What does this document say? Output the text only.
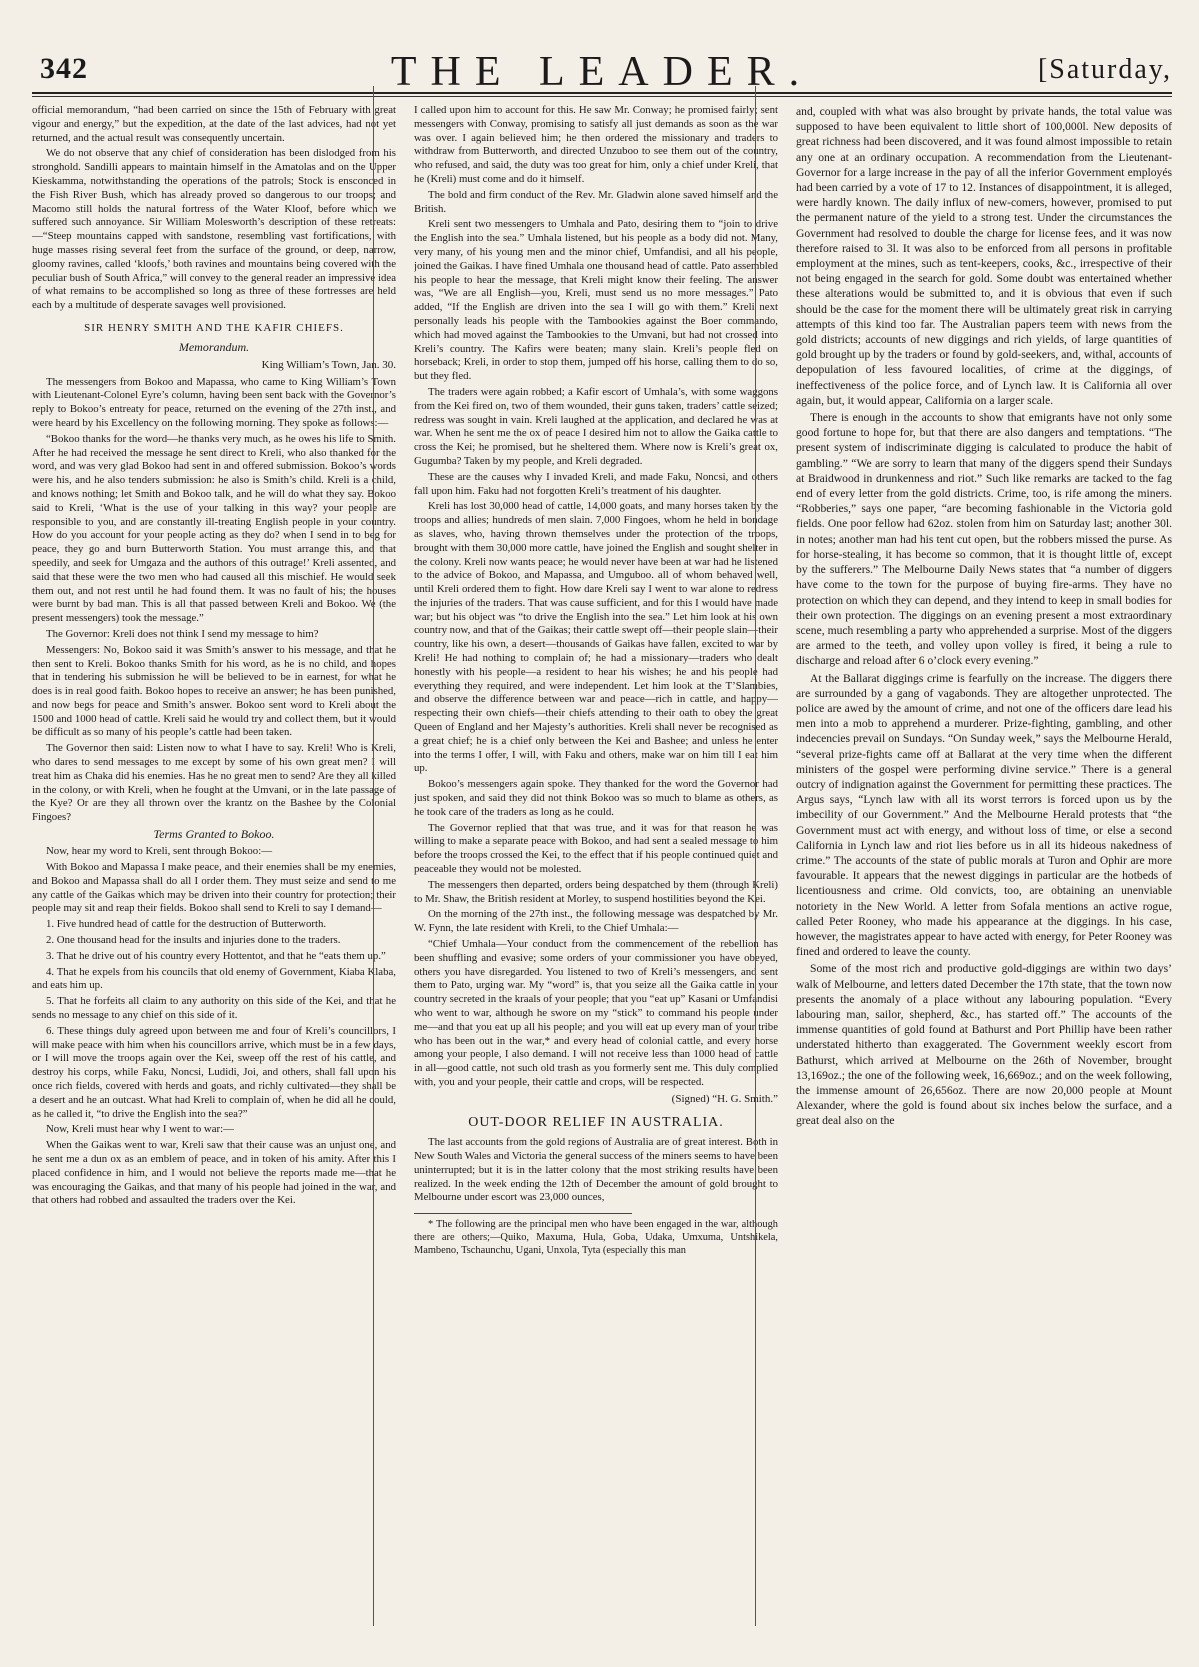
342	THE LEADER.	[Saturday,

official memorandum, “had been carried on since the 15th of February with great vigour and energy,” but the expedition, at the date of the last advices, had not yet returned, and the actual result was consequently uncertain.

We do not observe that any chief of consideration has been dislodged from his stronghold. Sandilli appears to maintain himself in the Amatolas and on the Upper Kieskamma, notwithstanding the operations of the patrols; Stock is ensconced in the Fish River Bush, which has already proved so dangerous to our troops; and Macomo still holds the natural fortress of the Water Kloof, before which we suffered such annoyance. Sir William Molesworth’s description of these retreats:—“Steep mountains capped with sandstone, resembling vast fortifications, with huge masses rising several feet from the surface of the ground, or deep, narrow, gloomy ravines, called ‘kloofs,’ both ravines and mountains being covered with the peculiar bush of South Africa,” will convey to the general reader an impressive idea of what remains to be accomplished so long as three of these fortresses are held each by a multitude of desperate savages well provisioned.

SIR HENRY SMITH AND THE KAFIR CHIEFS.
Memorandum.
King William’s Town, Jan. 30.

The messengers from Bokoo and Mapassa, who came to King William’s Town with Lieutenant-Colonel Eyre’s column, having been sent back with the Governor’s reply to Bokoo’s entreaty for peace, returned on the evening of the 27th inst., and were heard by his Excellency on the following morning. They spoke as follows:—

“Bokoo thanks for the word—he thanks very much, as he owes his life to Smith. After he had received the message he sent direct to Kreli, who also thanked for the word, and was very glad Bokoo had sent in and offered submission. Bokoo’s words were his, and he also tenders submission: he also is Smith’s child. Kreli is a child, and knows nothing; let Smith and Bokoo talk, and he will do what they say. Bokoo said to Kreli, ‘What is the use of your talking in this way? your people are responsible to you, and are constantly ill-treating English people in your country. How do you account for your people acting as they do? when I send in to beg for peace, they go and burn Butterworth Station. You must arrange this, and that speedily, and seek for Umgaza and the authors of this outrage!’ Kreli assented, and said that these were the two men who had caused all this mischief. He would seek them out, and not rest until he had found them. It was no fault of his; the houses were burnt by bad man. This is all that passed between Kreli and Bokoo. We (the present messengers) took the message.”

The Governor: Kreli does not think I send my message to him?

Messengers: No, Bokoo said it was Smith’s answer to his message, and that he then sent to Kreli. Bokoo thanks Smith for his word, as he is no child, and hopes that in tendering his submission he will be believed to be in earnest, for what he does is in real good faith. Bokoo hopes to receive an answer; he has been punished, and now begs for peace and Smith’s answer. Bokoo sent word to Kreli about the 1500 and 1000 head of cattle. Kreli said he would try and collect them, but it would be difficult as so many of his people’s cattle had been taken.

The Governor then said: Listen now to what I have to say. Kreli! Who is Kreli, who dares to send messages to me except by some of his own great men? I will treat him as Chaka did his enemies. Has he no great men to send? Are they all killed in the colony, or with Kreli, when he fought at the Umvani, or in the late passage of the Kye? Or are they all thrown over the krantz on the Bashee by the Colonial Fingoes?

Terms Granted to Bokoo.

Now, hear my word to Kreli, sent through Bokoo:—

With Bokoo and Mapassa I make peace, and their enemies shall be my enemies, and Bokoo and Mapassa shall do all I order them. They must seize and send to me any cattle of the Gaikas which may be driven into their country for protection; their people may sit and reap their fields. Bokoo shall send to Kreli to say I demand—

1. Five hundred head of cattle for the destruction of Butterworth.

2. One thousand head for the insults and injuries done to the traders.

3. That he drive out of his country every Hottentot, and that he “eats them up.”

4. That he expels from his councils that old enemy of Government, Kiaba Klaba, and eats him up.

5. That he forfeits all claim to any authority on this side of the Kei, and that he sends no message to any chief on this side of it.

6. These things duly agreed upon between me and four of Kreli’s councillors, I will make peace with him when his councillors arrive, which must be in a few days, or I will move the troops again over the Kei, sweep off the rest of his cattle, and destroy his corps, while Faku, Noncsi, Ludidi, Joi, and others, shall fall upon his once rich fields, covered with herds and goats, and richly cultivated—they shall be a desert and he an outcast. What had Kreli to complain of, when he did all he could, as he called it, “to drive the English into the sea?”

Now, Kreli must hear why I went to war:—

When the Gaikas went to war, Kreli saw that their cause was an unjust one, and he sent me a dun ox as an emblem of peace, and in token of his amity. After this I placed confidence in him, and I would not believe the reports made me—that he was encouraging the Gaikas, and that many of his people had joined in the war, and that others had robbed and assaulted the traders over the Kei.

I called upon him to account for this. He saw Mr. Conway; he promised fairly; sent messengers with Conway, promising to satisfy all just demands as soon as the war was over. I again believed him; he then ordered the missionary and traders to withdraw from Butterworth, and directed Unzuboo to see them out of the country, who refused, and said, the duty was too great for him, only a chief under Kreli, that he (Kreli) must come and do it himself.

The bold and firm conduct of the Rev. Mr. Gladwin alone saved himself and the British.

Kreli sent two messengers to Umhala and Pato, desiring them to “join to drive the English into the sea.” Umhala listened, but his people as a body did not. Many, very many, of his young men and the minor chief, Umfandisi, and all his people, joined the Gaikas. I have fined Umhala one thousand head of cattle. Pato assembled his people to hear the message, that Kreli might know their feeling. The answer was, “We are all English—you, Kreli, must send us no more messages.” Pato added, “If the English are driven into the sea I will go with them.” Kreli next personally leads his people with the Tambookies against the Boer commando, which had moved against the Tambookies to the Umvani, but had not crossed into Kreli’s country. The Kafirs were beaten; many slain. Kreli’s people fled on horseback; Kreli, in order to stop them, jumped off his horse, calling them to do so, but they fled.

The traders were again robbed; a Kafir escort of Umhala’s, with some waggons from the Kei fired on, two of them wounded, their guns taken, traders’ cattle seized; redress was sought in vain. Kreli laughed at the application, and declared he was at war. When he sent me the ox of peace I desired him not to allow the Gaika cattle to cross the Kei; he promised, but he sheltered them. Where now is Kreli’s great ox, Gugumba? Taken by my people, and Kreli degraded.

These are the causes why I invaded Kreli, and made Faku, Noncsi, and others fall upon him. Faku had not forgotten Kreli’s treatment of his daughter.

Kreli has lost 30,000 head of cattle, 14,000 goats, and many horses taken by the troops and allies; hundreds of men slain. 7,000 Fingoes, whom he held in bondage as slaves, who, having thrown themselves under the protection of the troops, brought with them 30,000 more cattle, have joined the English and sought shelter in the colony. Kreli now wants peace; he would never have been at war had he listened to the advice of Bokoo, and Mapassa, and Umguboo. all of whom behaved well, until Kreli ordered them to fight. How dare Kreli say I went to war alone to redress the injuries of the traders. That was cause sufficient, and for this I would have made war; but his object was “to drive the English into the sea.” Let him look at his own country now, and that of the Gaikas; their cattle swept off—their people slain—their country, like his own, a desert—thousands of Gaikas have fallen, excited to war by Kreli! He had nothing to complain of; he had a missionary—traders who dealt honestly with his people—a resident to hear his wishes; he and his people had everything they required, and were independent. Let him look at the T’Slambies, and observe the difference between war and peace—rich in cattle, and happy—respecting their own chiefs—their chiefs attending to their oath to obey the great Queen of England and her Majesty’s authorities. Kreli shall never be recognised as a great chief; he is a chief only between the Kei and Bashee; and unless he enter into the terms I offer, I will, with Faku and others, make war on him till I eat him up.

Bokoo’s messengers again spoke. They thanked for the word the Governor had just spoken, and said they did not think Bokoo was so much to blame as others, as he took care of the traders as long as he could.

The Governor replied that that was true, and it was for that reason he was willing to make a separate peace with Bokoo, and had sent a sealed message to him before the troops crossed the Kei, to the effect that if his people continued quiet and peaceable they would not be molested.

The messengers then departed, orders being despatched by them (through Kreli) to Mr. Shaw, the British resident at Morley, to suspend hostilities beyond the Kei.

On the morning of the 27th inst., the following message was despatched by Mr. W. Fynn, the late resident with Kreli, to the Chief Umhala:—

“Chief Umhala—Your conduct from the commencement of the rebellion has been shuffling and evasive; some orders of your commissioner you have obeyed, others you have disregarded. You listened to two of Kreli’s messengers, and sent them to Pato, urging war. My “word” is, that you seize all the Gaika cattle in your country secreted in the kraals of your people; that you “eat up” Kasani or Umfandisi who went to war, although he swore on my “stick” to command his people under me—and that you eat up all his people; and you will eat up every man of your tribe who has been out in the war,* and every head of colonial cattle, and every horse among your people, I also demand. I will not receive less than 1000 head of cattle in all—good cattle, not such old trash as you formerly sent me. This duly complied with, you and your people, their cattle and crops, will be respected.

(Signed) “H. G. Smith.”
OUT-DOOR RELIEF IN AUSTRALIA.

The last accounts from the gold regions of Australia are of great interest. Both in New South Wales and Victoria the general success of the miners seems to have been uninterrupted; but it is in the latter colony that the most striking results have been realized. In the week ending the 12th of December the amount of gold brought to Melbourne under escort was 23,000 ounces,

* The following are the principal men who have been engaged in the war, although there are others;—Quiko, Maxuma, Hula, Goba, Udaka, Umxuma, Untshikela, Mambeno, Tschaunchu, Ugani, Unxola, Tyta (especially this man

and, coupled with what was also brought by private hands, the total value was supposed to have been equivalent to little short of 100,000l. New deposits of great richness had been discovered, and it was found almost impossible to retain any one at an ordinary occupation. A recommendation from the Lieutenant-Governor for a large increase in the pay of all the inferior Government employés had been carried by a vote of 17 to 12. Instances of disappointment, it is alleged, were hardly known. The daily influx of new-comers, however, promised to put the permanent nature of the yield to a strong test. Under the circumstances the Government had resolved to double the charge for license fees, and it was now therefore raised to 3l. It was also to be enforced from all persons in profitable employment at the mines, such as tent-keepers, cooks, &c., irrespective of their not being engaged in the search for gold. Some doubt was entertained whether these alterations would be submitted to, and it is obvious that even if such should be the case for the moment there will be ultimately great risk in carrying attempts of this kind too far. The Australian papers teem with news from the gold districts; accounts of new diggings and rich yields, of large quantities of gold brought up by the traders or found by gold-seekers, and, withal, accounts of depopulation of less favoured localities, of crime at the diggings, of ineffectiveness of the police force, and of Lynch law. It is California all over again, but, it would appear, California on a larger scale.

There is enough in the accounts to show that emigrants have not only some good fortune to hope for, but that there are also dangers and temptations. “The present system of indiscriminate digging is calculated to produce the habit of gambling.” “We are sorry to learn that many of the diggers spend their Sundays at Braidwood in drunkenness and riot.” Such like remarks are tacked to the fag end of every letter from the gold districts. Crime, too, is rife among the miners. “Robberies,” says one paper, “are becoming fashionable in the Victoria gold fields. One poor fellow had 62oz. stolen from him on Saturday last; another 30l. in notes; another man had his tent cut open, but the robbers missed the purse. As for horse-stealing, it has become so common, that it is thought little of, except by the sufferers.” The Melbourne Daily News states that “a number of diggers have come to the town for the purpose of buying fire-arms. They have no protection on which they can depend, and they intend to keep in small bodies for their own protection. The diggings on an evening present a most extraordinary scene, much resembling a party who apprehended a surprise. Most of the diggers are armed to the teeth, and volley upon volley is fired, it being a rule to discharge and reload after 6 o’clock every evening.”

At the Ballarat diggings crime is fearfully on the increase. The diggers there are surrounded by a gang of vagabonds. They are altogether unprotected. The police are awed by the amount of crime, and not one of the officers dare lead his men into a mob to apprehend a murderer. Prize-fighting, gambling, and other indecencies prevail on Sundays. “On Sunday week,” says the Melbourne Herald, “several prize-fights came off at Ballarat at the very time when the different ministers of the gospel were performing divine service.” There is a general outcry of indignation against the Government for permitting these practices. The Argus says, “Lynch law with all its worst terrors is forced upon us by the imbecility of our Government.” And the Melbourne Herald protests that “the Government must act with energy, and without loss of time, or else a second California in Lynch law and riot lies before us in all its hideous nakedness of crime.” The accounts of the state of public morals at Turon and Ophir are more favourable. It appears that the newest diggings in particular are the hotbeds of licentiousness and crime. Old convicts, too, are obtaining an unenviable notoriety in the New World. A letter from Sofala mentions an active rogue, called Peter Rooney, who made his appearance at the diggings. In his case, however, the magistrates appear to have acted with energy, for Peter Rooney was fined and ordered to leave the county.

Some of the most rich and productive gold-diggings are within two days’ walk of Melbourne, and letters dated December the 17th state, that the town now presents the anomaly of a place without any labouring population. “Every labouring man, sailor, shepherd, &c., has started off.” The accounts of the immense quantities of gold found at Bathurst and Port Phillip have been rather understated hitherto than exaggerated. The Government weekly escort from Bathurst, which arrived at Melbourne on the 26th of November, brought 13,169oz.; the one of the following week, 16,669oz.; and on the week following, the immense amount of 26,656oz. There are now 20,000 people at Mount Alexander, where the gold is found about six inches below the surface, and a great deal also on the
